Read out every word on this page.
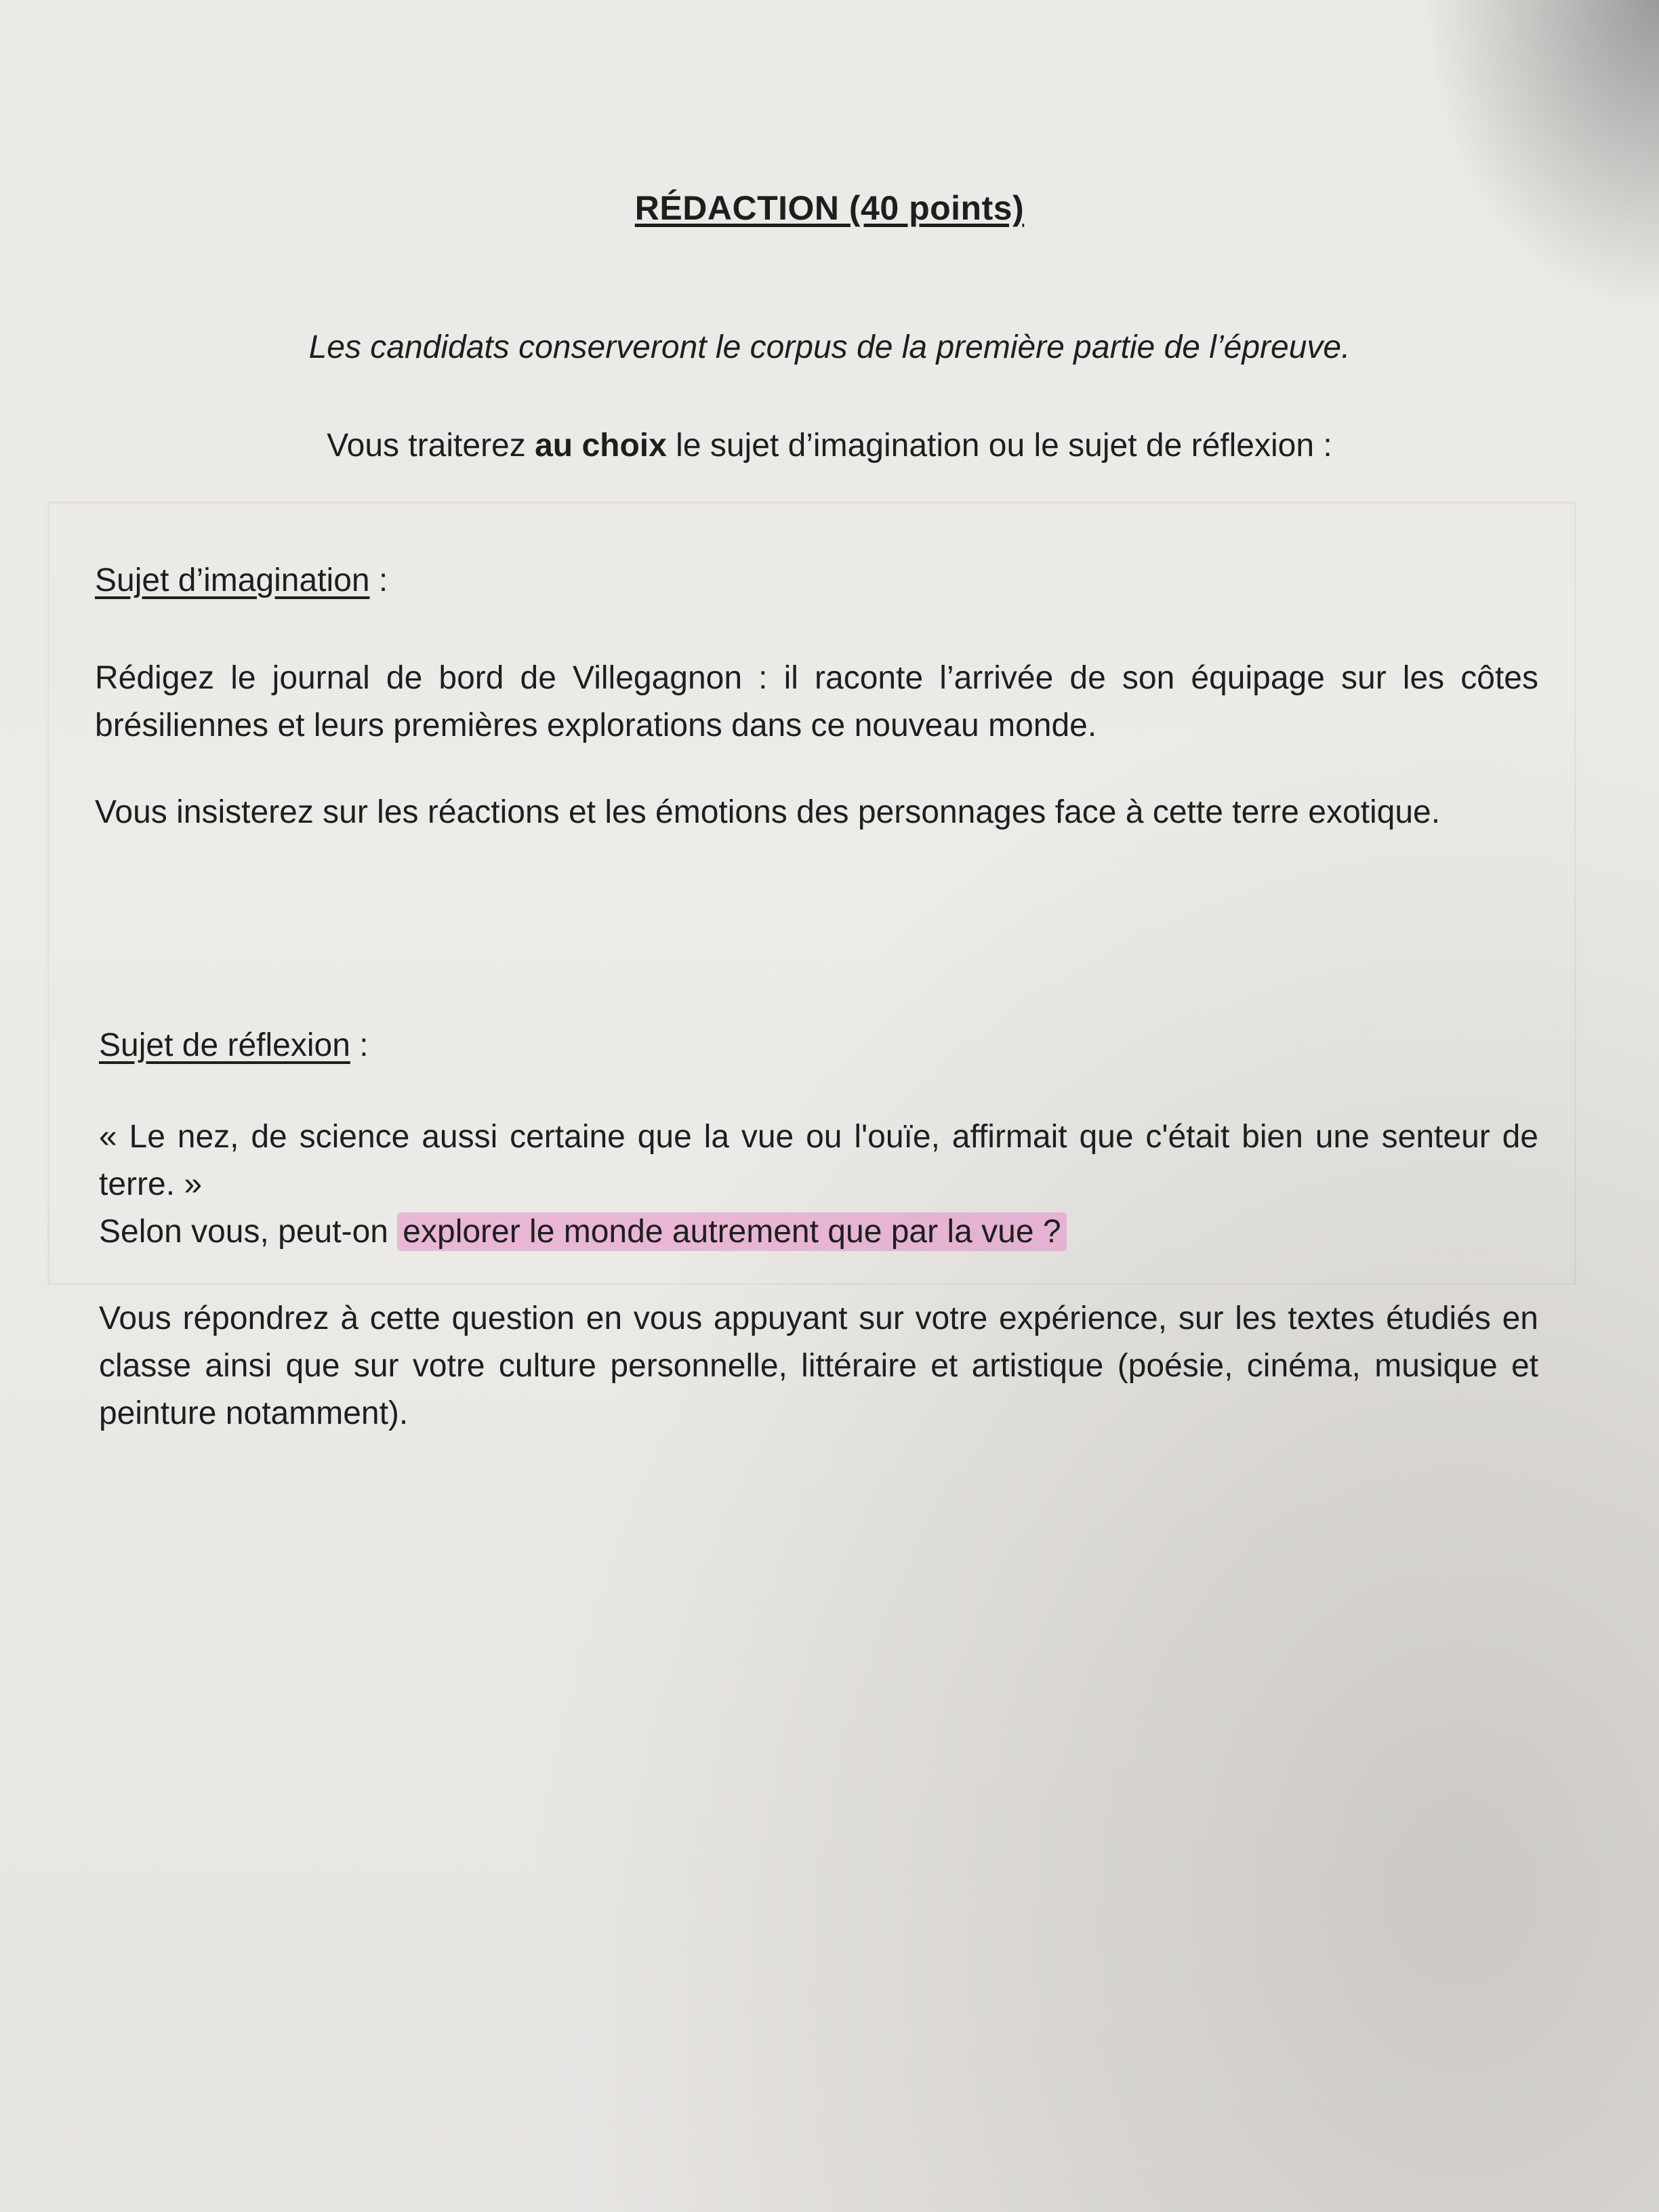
RÉDACTION (40 points)
Les candidats conserveront le corpus de la première partie de l’épreuve.
Vous traiterez au choix le sujet d’imagination ou le sujet de réflexion :
Sujet d’imagination :
Rédigez le journal de bord de Villegagnon : il raconte l’arrivée de son équipage sur les côtes brésiliennes et leurs premières explorations dans ce nouveau monde.
Vous insisterez sur les réactions et les émotions des personnages face à cette terre exotique.
Sujet de réflexion :
« Le nez, de science aussi certaine que la vue ou l'ouïe, affirmait que c'était bien une senteur de terre. »
Selon vous, peut-on explorer le monde autrement que par la vue ?
Vous répondrez à cette question en vous appuyant sur votre expérience, sur les textes étudiés en classe ainsi que sur votre culture personnelle, littéraire et artistique (poésie, cinéma, musique et peinture notamment).
